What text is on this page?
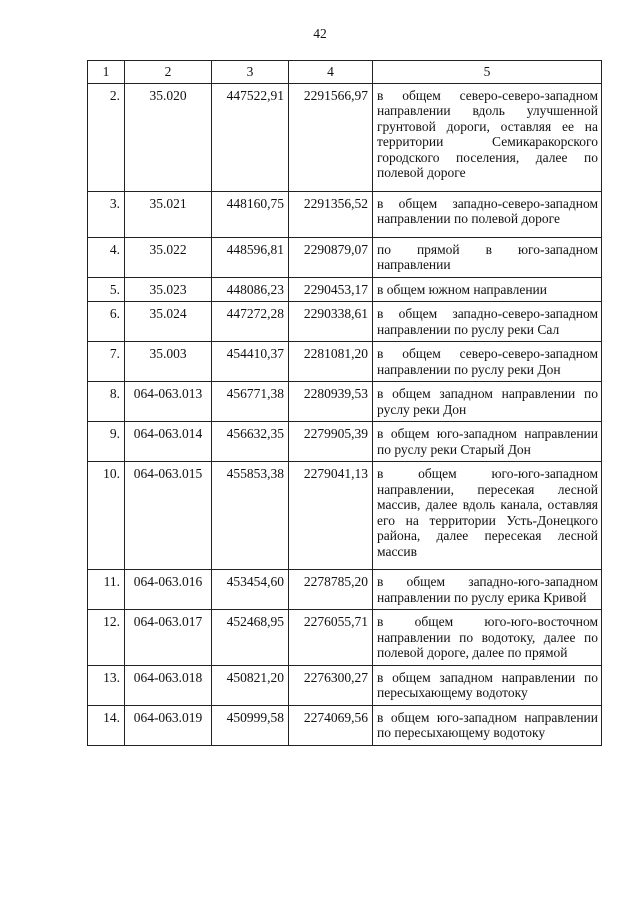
42
1	2	3	4	5
2.	35.020	447522,91	2291566,97	в общем северо-северо-западном направлении вдоль улучшенной грунтовой дороги, оставляя ее на территории Семикаракорского городского поселения, далее по полевой дороге
3.	35.021	448160,75	2291356,52	в общем западно-северо-западном направлении по полевой дороге
4.	35.022	448596,81	2290879,07	по прямой в юго-западном направлении
5.	35.023	448086,23	2290453,17	в общем южном направлении
6.	35.024	447272,28	2290338,61	в общем западно-северо-западном направлении по руслу реки Сал
7.	35.003	454410,37	2281081,20	в общем северо-северо-западном направлении по руслу реки Дон
8.	064-063.013	456771,38	2280939,53	в общем западном направлении по руслу реки Дон
9.	064-063.014	456632,35	2279905,39	в общем юго-западном направлении по руслу реки Старый Дон
10.	064-063.015	455853,38	2279041,13	в общем юго-юго-западном направлении, пересекая лесной массив, далее вдоль канала, оставляя его на территории Усть-Донецкого района, далее пересекая лесной массив
11.	064-063.016	453454,60	2278785,20	в общем западно-юго-западном направлении по руслу ерика Кривой
12.	064-063.017	452468,95	2276055,71	в общем юго-юго-восточном направлении по водотоку, далее по полевой дороге, далее по прямой
13.	064-063.018	450821,20	2276300,27	в общем западном направлении по пересыхающему водотоку
14.	064-063.019	450999,58	2274069,56	в общем юго-западном направлении по пересыхающему водотоку
